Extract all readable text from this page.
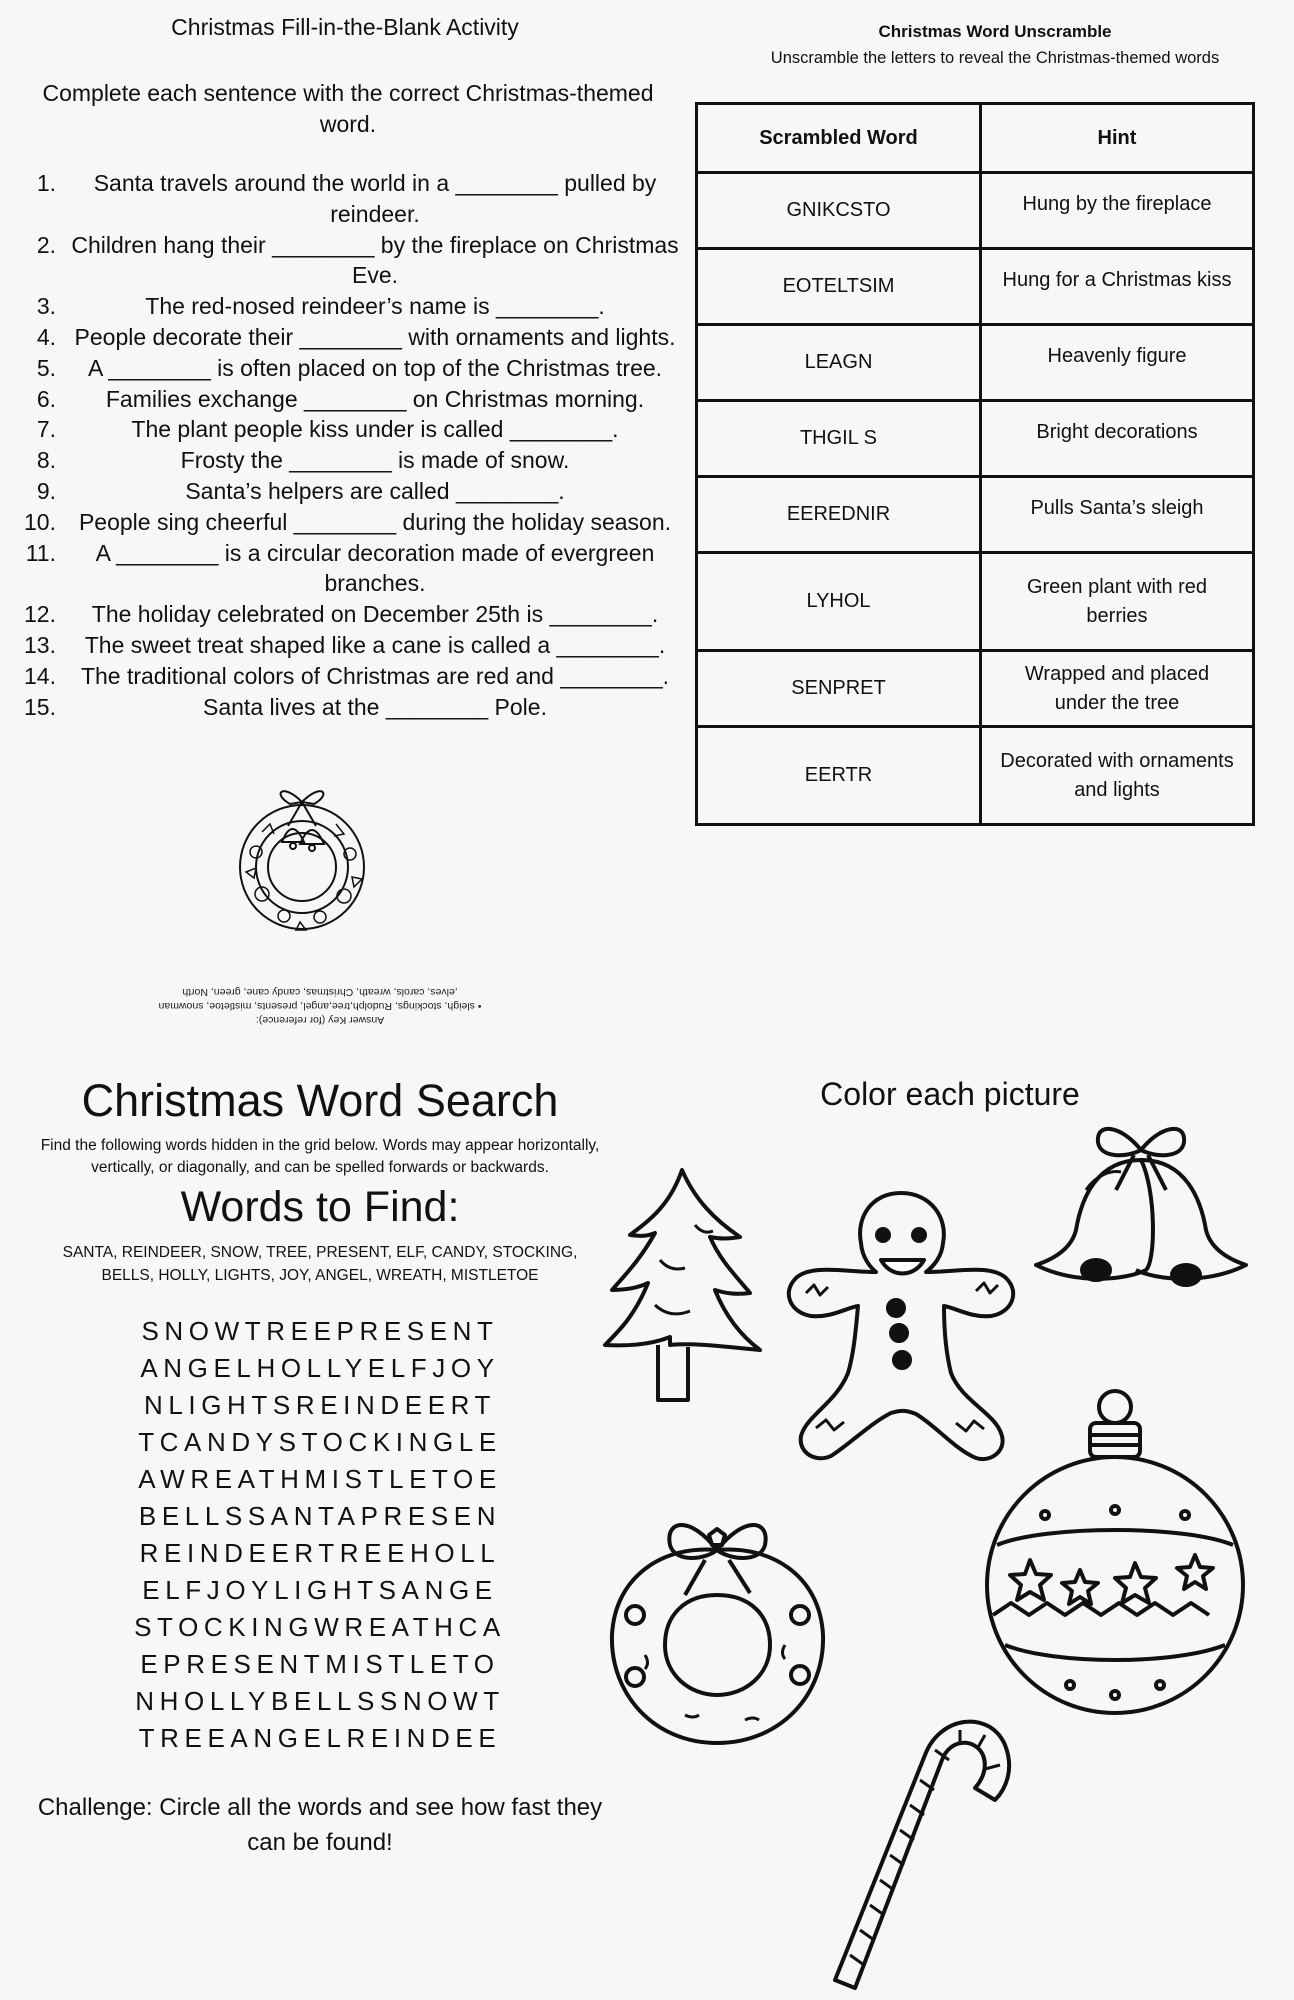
Christmas Fill-in-the-Blank Activity
Complete each sentence with the correct Christmas-themed word.
1. Santa travels around the world in a ________ pulled by reindeer.
2. Children hang their ________ by the fireplace on Christmas Eve.
3.	The red-nosed reindeer’s name is ________.
4. People decorate their ________ with ornaments and lights.
5. A ________ is often placed on top of the Christmas tree.
6. Families exchange ________ on Christmas morning.
7.	The plant people kiss under is called ________.
8.	Frosty the ________ is made of snow.
9.	Santa’s helpers are called ________.
10. People sing cheerful ________ during the holiday season.
11. A ________ is a circular decoration made of evergreen branches.
12. The holiday celebrated on December 25th is ________.
13. The sweet treat shaped like a cane is called a ________.
14. The traditional colors of Christmas are red and ________.
15.	Santa lives at the ________ Pole.
Answer Key (for reference):
• sleigh, stockings, Rudolph,tree,angel, presents, mistletoe, snowman
,elves, carols, wreath, Christmas, candy cane, green, North
Christmas Word Unscramble
Unscramble the letters to reveal the Christmas-themed words
Scrambled Word	Hint
GNIKCSTO	Hung by the fireplace
EOTELTSIM	Hung for a Christmas kiss
LEAGN	Heavenly figure
THGIL S	Bright decorations
EEREDNIR	Pulls Santa’s sleigh
LYHOL	Green plant with red berries
SENPRET	Wrapped and placed under the tree
EERTR	Decorated with ornaments and lights
Christmas Word Search
Find the following words hidden in the grid below. Words may appear horizontally, vertically, or diagonally, and can be spelled forwards or backwards.
Words to Find:
SANTA, REINDEER, SNOW, TREE, PRESENT, ELF, CANDY, STOCKING, BELLS, HOLLY, LIGHTS, JOY, ANGEL, WREATH, MISTLETOE
SNOWTREEPRESENT
ANGELHOLLYELFJOY
NLIGHTSREINDEERT
TCANDYSTOCKINGLE
AWREATHMISTLETOE
BELLSSANTAPRESEN
REINDEERTREEHOLL
ELFJOYLIGHTSANGE
STOCKINGWREATHCA
EPRESENTMISTLETO
NHOLLYBELLSSNOWT
TREEANGELREINDEE
Challenge: Circle all the words and see how fast they can be found!
Color each picture
